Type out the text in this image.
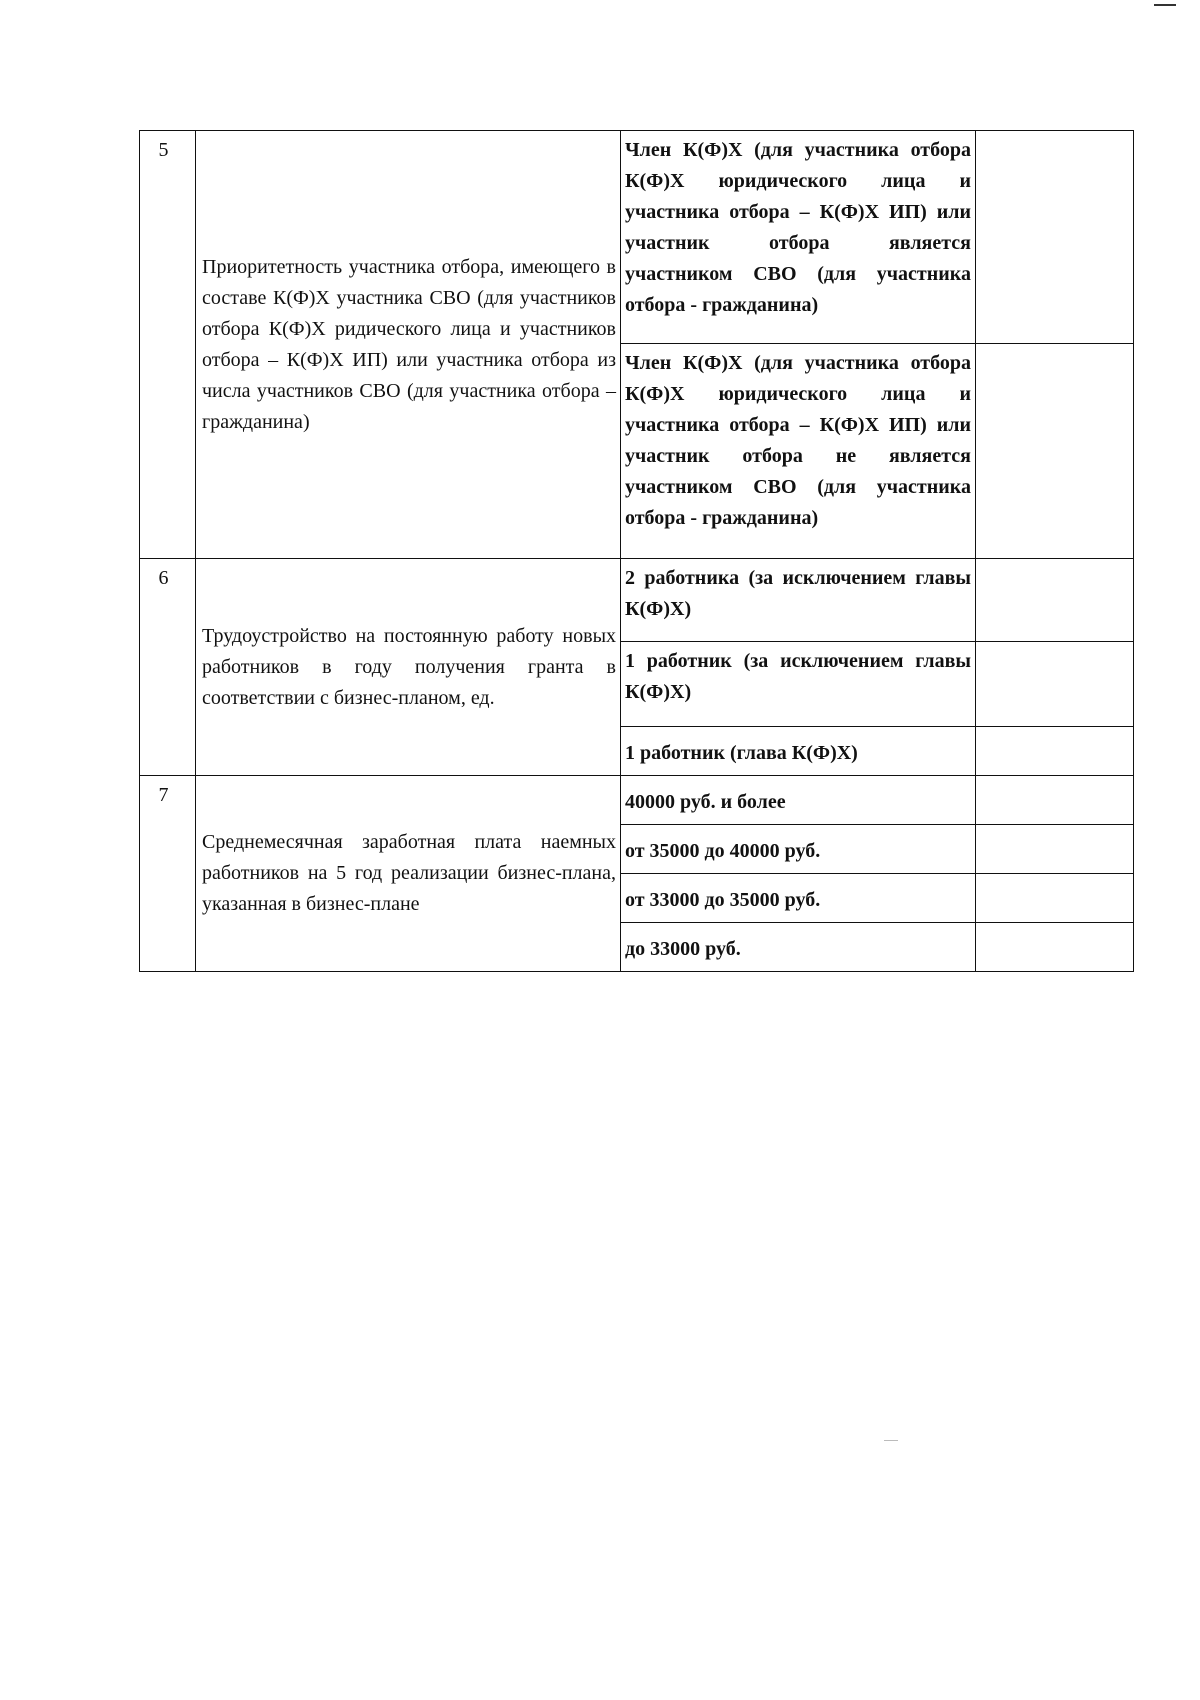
5	Приоритетность участника отбора, имеющего в составе К(Ф)Х участника СВО (для участников отбора К(Ф)Х ридического лица и участников отбора – К(Ф)Х ИП) или участника отбора из числа участников СВО (для участника отбора – гражданина)	Член К(Ф)Х (для участника отбора К(Ф)Х юридического лица и участника отбора – К(Ф)Х ИП) или участник отбора является участником СВО (для участника отбора - гражданина)	
		Член К(Ф)Х (для участника отбора К(Ф)Х юридического лица и участника отбора – К(Ф)Х ИП) или участник отбора не является участником СВО (для участника отбора - гражданина)	
6	Трудоустройство на постоянную работу новых работников в году получения гранта в соответствии с бизнес-планом, ед.	2 работника (за исключением главы К(Ф)Х)	
		1 работник (за исключением главы К(Ф)Х)	
		1 работник (глава К(Ф)Х)	
7	Среднемесячная заработная плата наемных работников на 5 год реализации бизнес-плана, указанная в бизнес-плане	40000 руб. и более	
		от 35000 до 40000 руб.	
		от 33000 до 35000 руб.	
		до 33000 руб.	
